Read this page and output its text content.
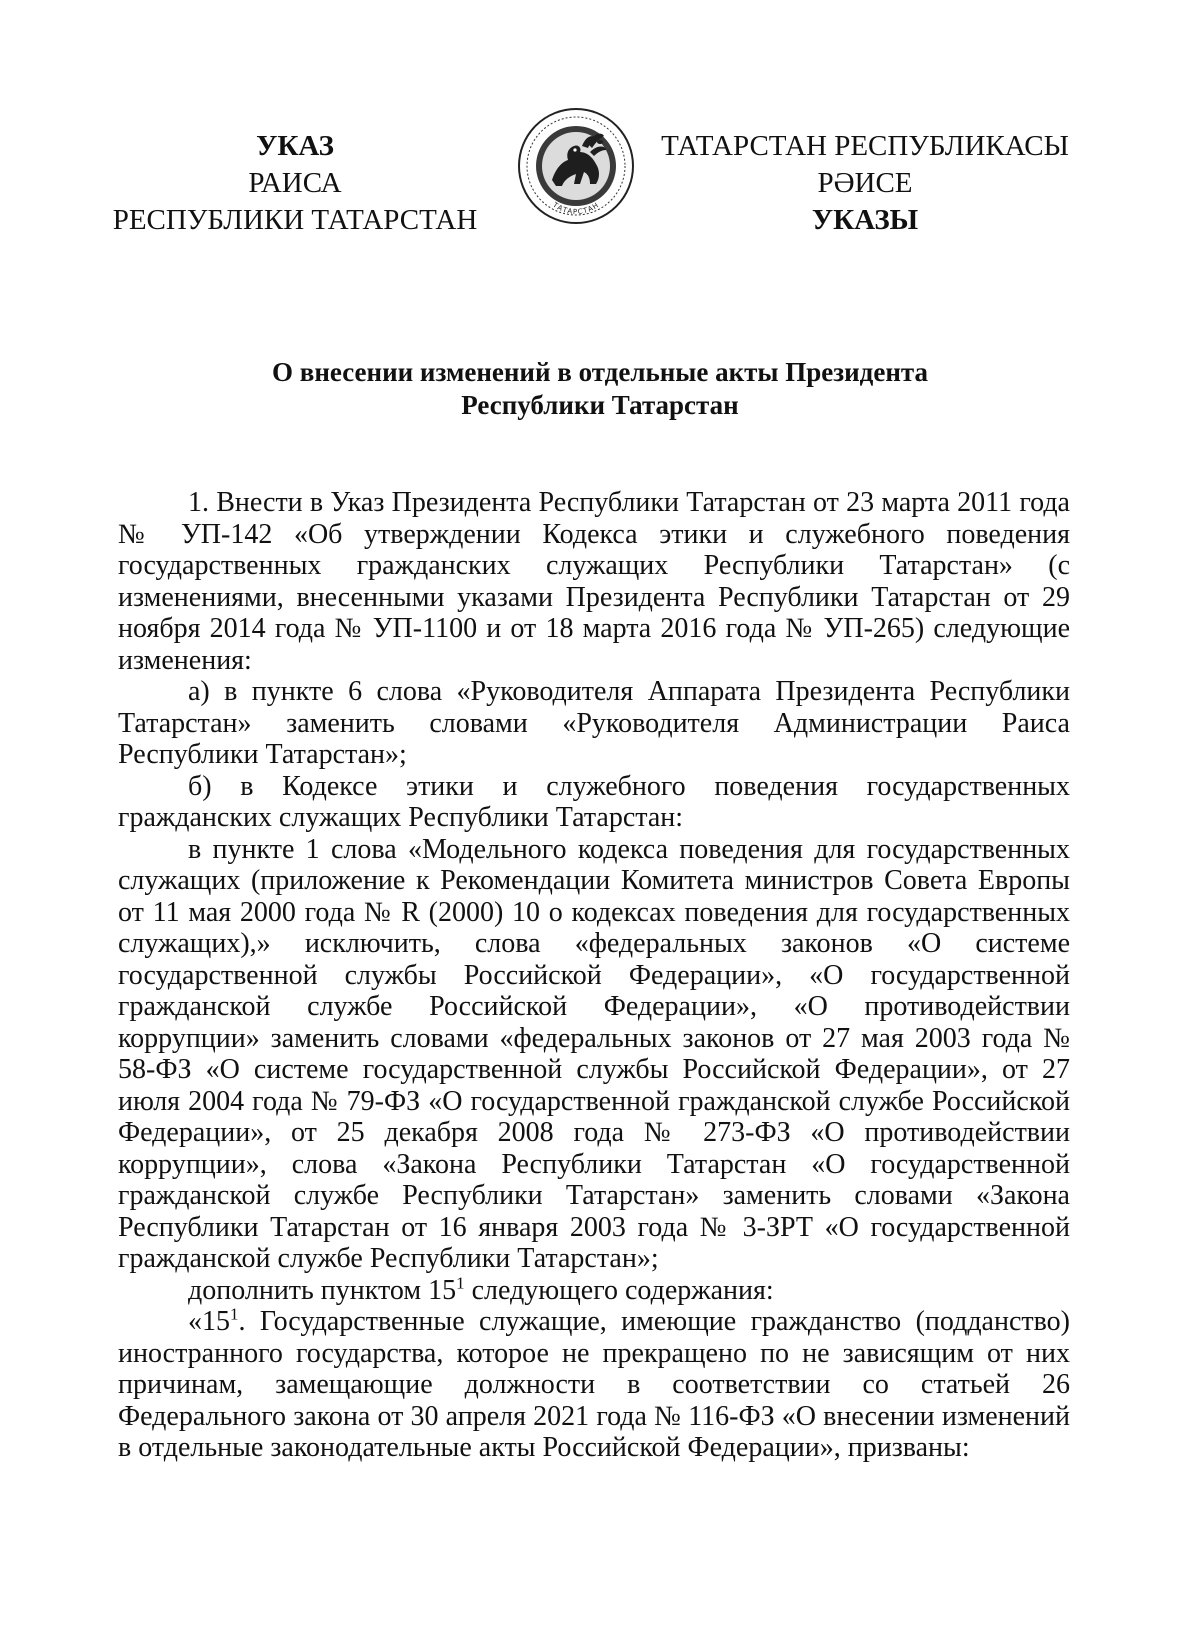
УКАЗ
РАИСА
РЕСПУБЛИКИ ТАТАРСТАН	ТАТАРСТАН
ТАТАРСТАН РЕСПУБЛИКАСЫ
РӘИСЕ
УКАЗЫ
О внесении изменений в отдельные акты Президента
Республики Татарстан

1. Внести в Указ Президента Республики Татарстан от 23 марта 2011 года № УП-142 «Об утверждении Кодекса этики и служебного поведения государственных гражданских служащих Республики Татарстан» (с изменениями, внесенными указами Президента Республики Татарстан от 29 ноября 2014 года № УП-1100 и от 18 марта 2016 года № УП-265) следующие изменения:

а) в пункте 6 слова «Руководителя Аппарата Президента Республики Татарстан» заменить словами «Руководителя Администрации Раиса Республики Татарстан»;

б) в Кодексе этики и служебного поведения государственных гражданских служащих Республики Татарстан:

в пункте 1 слова «Модельного кодекса поведения для государственных служащих (приложение к Рекомендации Комитета министров Совета Европы от 11 мая 2000 года № R (2000) 10 о кодексах поведения для государственных служащих),» исключить, слова «федеральных законов «О системе государственной службы Российской Федерации», «О государственной гражданской службе Российской Федерации», «О противодействии коррупции» заменить словами «федеральных законов от 27 мая 2003 года № 58-ФЗ «О системе государственной службы Российской Федерации», от 27 июля 2004 года № 79-ФЗ «О государственной гражданской службе Российской Федерации», от 25 декабря 2008 года № 273-ФЗ «О противодействии коррупции», слова «Закона Республики Татарстан «О государственной гражданской службе Республики Татарстан» заменить словами «Закона Республики Татарстан от 16 января 2003 года № 3-ЗРТ «О государственной гражданской службе Республики Татарстан»;

дополнить пунктом $15^1$ следующего содержания:

«$15^1$. Государственные служащие, имеющие гражданство (подданство) иностранного государства, которое не прекращено по не зависящим от них причинам, замещающие должности в соответствии со статьей 26 Федерального закона от 30 апреля 2021 года № 116-ФЗ «О внесении изменений в отдельные законодательные акты Российской Федерации», призваны:
